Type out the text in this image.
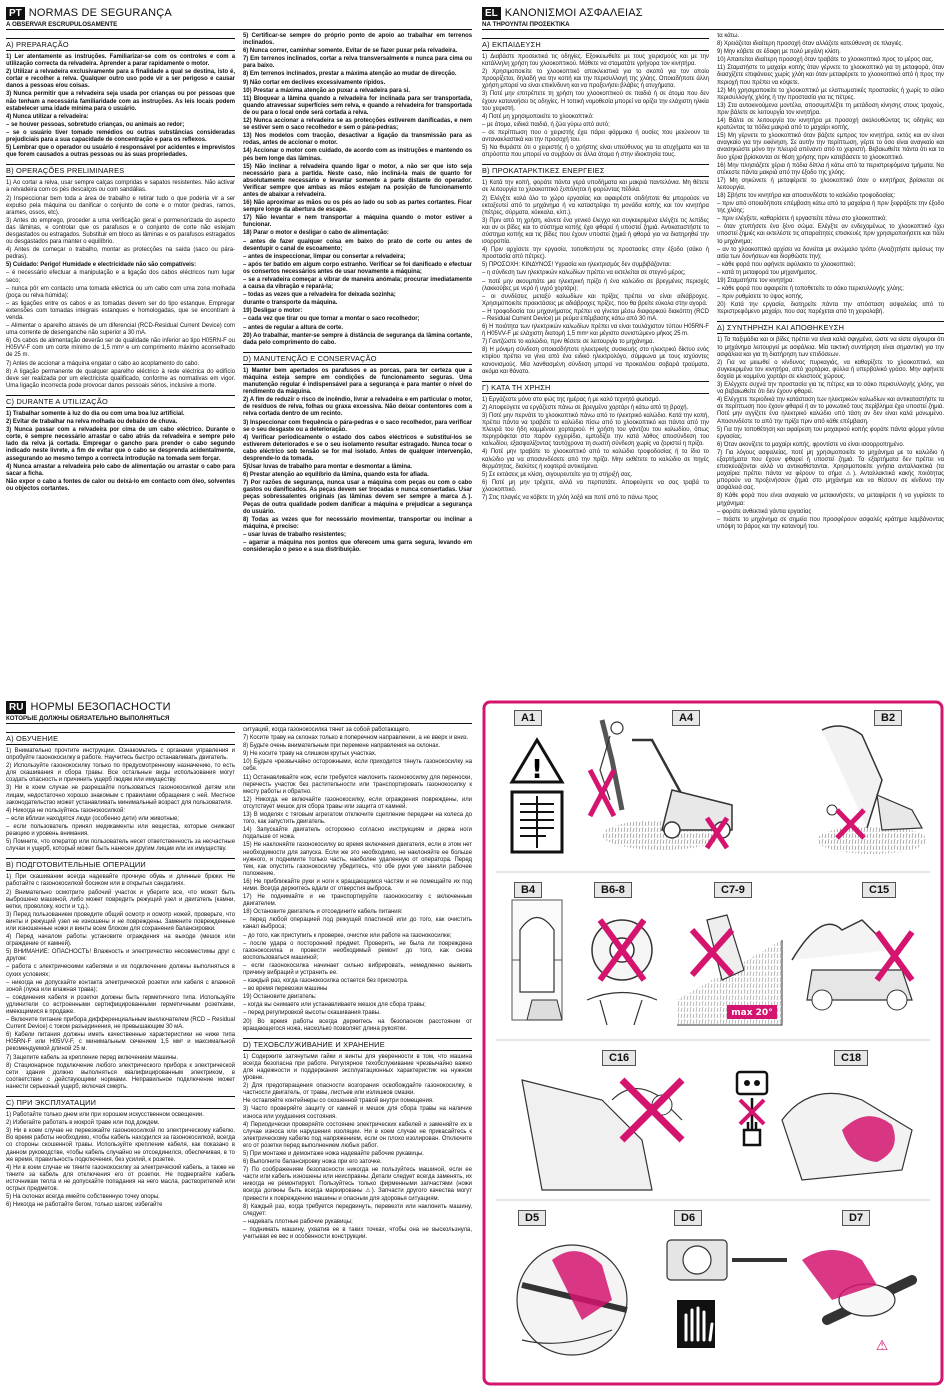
PT NORMAS DE SEGURANÇA
A OBSERVAR ESCRUPULOSAMENTE
A) PREPARAÇÃO
1) Ler atentamente as instruções. Familiarizar-se com os controles e com a utilização correcta da relvadeira. Aprender a parar rapidamente o motor.
2) Utilizar a relvadeira exclusivamente para a finalidade a qual se destina, isto é, cortar e recolher a relva. Qualquer outro uso pode vir a ser perigoso e causar danos a pessoas e/ou coisas.
3) Nunca permitir que a relvadeira seja usada por crianças ou por pessoas que não tenham a necessária familiaridade com as instruções. As leis locais podem estabelecer uma idade mínima para o usuário.
4) Nunca utilizar a relvadeira:
– se houver pessoas, sobretudo crianças, ou animais ao redor;
– se o usuário tiver tomado remédios ou outras substâncias consideradas prejudiciais para a sua capacidade de concentração e para os reflexos.
5) Lembrar que o operador ou usuário é responsável por acidentes e imprevistos que forem causados a outras pessoas ou às suas propriedades.
B) OPERAÇÕES PRELIMINARES
1) Ao cortar a relva, usar sempre calças compridas e sapatos resistentes. Não activar a relvadeira com os pés descalços ou com sandálias.
2) Inspeccionar bem toda a área de trabalho e retirar tudo o que poderia vir a ser expulso pela máquina ou danificar o conjunto de corte e o motor (pedras, ramos, arames, ossos, etc).
3) Antes do emprego, proceder a uma verificação geral e pormenorizada do aspecto das lâminas, e controlar que os parafusos e o conjunto de corte não estejam desgastados ou estragados. Substituir em bloco as lâminas e os parafusos estragados ou desgastados para manter o equilíbrio.
4) Antes de começar o trabalho, montar as protecções na saída (saco ou pára-pedras).
5) Cuidado: Perigo! Humidade e electricidade não são compatíveis:
– é necessário efectuar a manipulação e a ligação dos cabos eléctricos num lugar seco;
– nunca pôr em contacto uma tomada eléctrica ou um cabo com uma zona molhada (poça ou relva húmida);
– as ligações entre os cabos e as tomadas devem ser do tipo estanque. Empregar extensões com tomadas integrais estanques e homologadas, que se encontram à venda.
– Alimentar o aparelho através de um diferencial (RCD-Residual Current Device) com uma corrente de desenganche não superior a 30 mA.
6) Os cabos de alimentação deverão ser de qualidade não inferior ao tipo H05RN-F ou H05VV-F com um corte mínimo de 1,5 mm² e um comprimento máximo aconselhado de 25 m.
7) Antes de accionar a máquina engatar o cabo ao acoplamento do cabo.
8) A ligação permanente de qualquer aparelho eléctrico à rede eléctrica do edifício deve ser realizada por um electricista qualificado, conforme as normativas em vigor. Uma ligação incorrecta pode provocar danos pessoais sérios, inclusive a morte.
C) DURANTE A UTILIZAÇÃO
1) Trabalhar somente à luz do dia ou com uma boa luz artificial.
2) Evitar de trabalhar na relva molhada ou debaixo de chuva.
3) Nunca passar com a relvadeira por cima de um cabo eléctrico. Durante o corte, é sempre necessário arrastar o cabo atrás da relvadeira e sempre pelo lado da relva já cortada. Empregar o gancho para prender o cabo segundo indicado neste livrete, a fim de evitar que o cabo se desprenda acidentalmente, assegurando ao mesmo tempo a correcta introdução na tomada sem forçar.
4) Nunca arrastar a relvadeira pelo cabo de alimentação ou arrastar o cabo para sacar a ficha.
Não expor o cabo a fontes de calor ou deixá-lo em contacto com óleo, solventes ou objectos cortantes.
5) Certificar-se sempre do próprio ponto de apoio ao trabalhar em terrenos inclinados.
6) Nunca correr, caminhar somente. Evitar de se fazer puxar pela relvadeira.
7) Em terrenos inclinados, cortar a relva transversalmente e nunca para cima ou para baixo.
8) Em terrenos inclinados, prestar a máxima atenção ao mudar de direcção.
9) Não cortar em declives excessivamente rípidos.
10) Prestar a máxima atenção ao puxar a relvadeira para si.
11) Bloquear a lâmina quando a relvadeira for inclinada para ser transportada, quando atravessar superfícies sem relva, e quando a relvadeira for transportada de ou para o local onde será cortada a relva.
12) Nunca accionar a relvadeira se as protecções estiverem danificadas, e nem se estiver sem o saco recolhedor e sem o pára-pedras;
13) Nos modelos com tracção, desactivar a ligação da transmissão para as rodas, antes de accionar o motor.
14) Accionar o motor com cuidado, de acordo com as instruções e mantendo os pés bem longe das lâminas.
15) Não inclinar a relvadeira quando ligar o motor, a não ser que isto seja necessário para a partida. Neste caso, não incliná-la mais de quanto for absolutamente necessário e levantar somente a parte distante do operador. Verificar sempre que ambas as mãos estejam na posição de funcionamento antes de abaixar a relvadeira.
16) Não aproximar as mãos ou os pés ao lado ou sob as partes cortantes. Ficar sempre longe da abertura de escape.
17) Não levantar e nem transportar a máquina quando o motor estiver a funcionar.
18) Parar o motor e desligar o cabo de alimentação:
– antes de fazer qualquer coisa em baixo do prato de corte ou antes de desentupir o canal de escoamento;
– antes de inspeccionar, limpar ou consertar a relvadeira;
– após ter batido em algum corpo estranho. Verificar se foi danificado e efectuar os consertos necessários antes de usar novamente a máquina;
– se a relvadeira começar a vibrar de maneira anómala; procurar imediatamente a causa da vibração e repará-la;
– todas as vezes que a relvadeira for deixada sozinha;
durante o transporte da máquina.
19) Desligar o motor:
– cada vez que tirar ou que tornar a montar o saco recolhedor;
– antes de regular a altura de corte.
20) Ao trabalhar, manter-se sempre à distância de segurança da lâmina cortante, dada pelo comprimento do cabo.
D) MANUTENÇÃO E CONSERVAÇÃO
1) Manter bem apertados os parafusos e as porcas, para ter certeza que a máquina esteja sempre em condições de funcionamento seguras. Uma manutenção regular é indispensável para a segurança e para manter o nível do rendimento da máquina.
2) A fim de reduzir o risco de incêndio, livrar a relvadeira e em particular o motor, de resíduos de relva, folhas ou graxa excessiva. Não deixar contentores com a relva cortada dentro de um recinto.
3) Inspeccionar com frequência o pára-pedras e o saco recolhedor, para verificar se o seu desgaste ou a deterioração.
4) Verificar periodicamente o estado dos cabos eléctricos e substituí-los se estiverem deteriorados e se o seu isolamento resultar estragado. Nunca tocar o cabo eléctrico sob tensão se for mal isolado. Antes de qualquer intervenção, desprende-lo da tomada.
5)Usar luvas de trabalho para montar e desmontar a lâmina.
6) Prestar atenção ao equilíbrio da lâmina, quando esta for afiada.
7) Por razões de segurança, nunca usar a máquina com peças ou com o cabo gastos ou danificados. As peças devem ser trocadas e nunca consertadas. Usar peças sobressalentes originais (as lâminas devem ser sempre a marca ⚠). Peças de outra qualidade podem danificar a máquina e prejudicar a segurança do usuário.
8) Todas as vezes que for necessário movimentar, transportar ou inclinar a máquina, é preciso:
– usar luvas de trabalho resistentes;
– agarrar a máquina nos pontos que oferecem uma garra segura, levando em consideração o peso e a sua distribuição.
EL ΚΑΝΟΝΙΣΜΟΙ ΑΣΦΑΛΕΙΑΣ
ΝΑ ΤΗΡΟΥΝΤΑΙ ΠΡΟΣΕΚΤΙΚΑ
Α) ΕΚΠΑΙΔΕΥΣΗ
1) Διαβάστε προσεκτικά τις οδηγίες. Εξοικειωθείτε με τους χειρισμούς και με την κατάλληλη χρήση του χλοοκοπτικού. Μάθετε να σταματάτε γρήγορα τον κινητήρα.
2) Χρησιμοποιείτε το χλοοκοπτικό αποκλειστικά για το σκοπό για τον οποίο προορίζεται, δηλαδή για την κοπή και την περισυλλογή της χλόης. Οποιαδήποτε άλλη χρήση μπορεί να είναι επικίνδυνη και να προξενήσει βλάβες ή ατυχήματα.
3) Ποτέ μην επιτρέπετε τη χρήση του χλοοκοπτικού σε παιδιά ή σε άτομα που δεν έχουν κατανοήσει τις οδηγίες. Η τοπική νομοθεσία μπορεί να ορίζει την ελάχιστη ηλικία του χειριστή.
4) Ποτέ μη χρησιμοποιείτε το χλοοκοπτικό:
– με άτομα, ειδικά παιδιά, ή ζώα γύρω από αυτό;
– σε περίπτωση που ο χειριστής έχει πάρει φάρμακα ή ουσίες που μειώνουν τα αντανακλαστικά και την προσοχή του.
5) Να θυμάστε ότι ο χειριστής ή ο χρήστης είναι υπεύθυνος για τα ατυχήματα και τα απρόοπτα που μπορεί να συμβούν σε άλλα άτομα ή στην ιδιοκτησία τους.
Β) ΠΡΟΚΑΤΑΡΚΤΙΚΕΣ ΕΝΕΡΓΕΙΕΣ
1) Κατά την κοπή, φοράτε πάντα γερά υποδήματα και μακριά παντελόνια. Μη θέτετε σε λειτουργία το χλοοκοπτικό ξυπόλητοι ή φορώντας πέδιλα.
2) Ελέγξτε καλά όλο το χώρο εργασίας και αφαιρέστε οτιδήποτε θα μπορούσε να εκτοξευτεί από το μηχάνημα ή να καταστρέψει τη μονάδα κοπής και τον κινητήρα (πέτρες, σύρματα, κόκκαλα, κλπ.).
3) Πριν από τη χρήση, κάνετε ένα γενικό έλεγχο και συγκεκριμένα ελέγξτε τις λεπίδες και αν οι βίδες και το σύστημα κοπής έχει φθαρεί ή υποστεί ζημιά. Αντικαταστήστε το σύστημα κοπής και τις βίδες που έχουν υποστεί ζημιά ή φθορά για να διατηρηθεί την ισορροπία.
4) Πριν αρχίσετε την εργασία, τοποθετήστε τις προστασίες στην έξοδο (σάκο ή προστασία από πέτρες).
5) ΠΡΟΣΟΧΗ: ΚΙΝΔΥΝΟΣ! Υγρασία και ηλεκτρισμός δεν συμβιβάζονται:
– η σύνδεση των ηλεκτρικών καλωδίων πρέπει να εκτελείται σε στεγνό μέρος;
– ποτέ μην ακουμπάτε μια ηλεκτρική πρίζα ή ένα καλώδιο σε βρεγμένες περιοχές (λακκούβες με νερό ή υγρό χορτάρι);
– οι συνδέσεις μεταξύ καλωδίων και πρίζας πρέπει να είναι αδιάβροχες. Χρησιμοποιείτε προεκτάσεις με αδιάβροχες πρίζες, που θα βρείτε εύκολα στην αγορά.
– Η τροφοδοσία του μηχανήματος πρέπει να γίνεται μέσω διαφορικού διακόπτη (RCD – Residual Current Device) με ρεύμα επέμβασης κάτω από 30 mA.
6) Η ποιότητα των ηλεκτρικών καλωδίων πρέπει να είναι τουλάχιστον τύπου H05RN-F ή H05VV-F με ελάχιστη διατομή 1,5 mm² και μέγιστο συνιστώμενο μήκος 25 m.
7) Γαντζώστε το καλώδιο, πριν θέσετε σε λειτουργία το μηχάνημα.
8) Η μόνιμη σύνδεση οποιασδήποτε ηλεκτρικής συσκευής στο ηλεκτρικό δίκτυο ενός κτιρίου πρέπει να γίνει από ένα ειδικό ηλεκτρολόγο, σύμφωνα με τους ισχύοντες κανονισμούς. Μία λανθασμένη σύνδεση μπορεί να προκαλέσει σοβαρά τραύματα, ακόμα και θάνατο.
Γ) ΚΑΤΑ ΤΗ ΧΡΗΣΗ
1) Εργάζεστε μόνο στο φώς της ημέρας ή με καλό τεχνητό φωτισμό.
2) Αποφεύγετε να εργάζεστε πάνω σε βρεγμένο χορτάρι ή κάτω από τη βροχή.
3) Ποτέ μην περνάτε το χλοοκοπτικό πάνω από το ηλεκτρικό καλώδιο. Κατά την κοπή, πρέπει πάντα να τραβάτε το καλώδιο πίσω από το χλοοκοπτικό και πάντα από την πλευρά του ήδη κομμένου χορταριού. Η χρήση του γάντζου του καλωδίου, όπως περιγράφεται στο παρόν εγχειρίδιο, εμποδίζει την κατά λάθος αποσύνδεση του καλωδίου, εξασφαλίζοντας ταυτόχρονα τη σωστή σύνδεση χωρίς να ζοριστεί η πρίζα.
4) Ποτέ μην τραβάτε το χλοοκοπτικό από το καλώδιο τροφοδοσίας ή το ίδιο το καλώδιο για να αποσυνδέσετε από την πρίζα. Μην εκθέτετε το καλώδιο σε πηγές θερμότητας, διαλύτες ή κοφτερά αντικείμενα.
5) Σε εκτάσεις με κλίση, σιγουρευτείτε για τη στήριξή σας.
6) Ποτέ μη μην τρέχετε, αλλά να περπατάτε. Αποφεύγετε να σας τραβά το χλοοκοπτικό.
7) Στις πλαγιές να κόβετε τη χλόη λοξά και ποτέ από το πάνω προς
τα κάτω.
8) Χρειάζεται ιδιαίτερη προσοχή όταν αλλάζετε κατεύθυνση σε πλαγιές.
9) Μην κόβετε σε έδαφη με πολύ μεγάλη κλίση.
10) Απαιτείται ιδιαίτερη προσοχή όταν τραβάτε το χλοοκοπτικό προς το μέρος σας.
11) Σταματήστε το μαχαίρι κοπής όταν γέρνετε το χλοοκοπτικό για τη μεταφορά, όταν διασχίζετε επιφάνειες χωρίς χλόη και όταν μεταφέρετε το χλοοκοπτικό από ή προς την περιοχή που πρέπει να κόψετε.
12) Μη χρησιμοποιείτε το χλοοκοπτικό με ελαττωματικές προστασίες ή χωρίς το σάκο περισυλλογής χλόης ή την προστασία για τις πέτρες.
13) Στα αυτοκινούμενα μοντέλα, αποσυμπλέξτε τη μετάδοση κίνησης στους τροχούς, πριν βάλετε σε λειτουργία τον κινητήρα.
14) Βάλτε σε λειτουργία τον κινητήρα με προσοχή ακολουθώντας τις οδηγίες και κρατώντας τα πόδια μακριά από το μαχαίρι κοπής.
15) Μη γέρνετε το χλοοκοπτικό όταν βάζετε εμπρος τον κινητήρα, εκτός και αν είναι αναγκαίο για την εκκίνηση. Σε αυτήν την περίπτωση, γέρτε το όσο είναι αναγκαίο και ανασηκώστε μόνο την πλευρά απέναντι από το χειριστή. Βεβαιωθείτε πάντα ότι και τα δυο χέρια βρίσκονται σε θέση χρήσης πριν κατεβάσετε το χλοοκοπτικό.
16) Μην πλησιάζετε χέρια ή πόδια δίπλα ή κάτω από τα περιστρεφόμενα τμήματα. Να στέκεστε πάντα μακριά από την έξοδο της χλόης.
17) Μη σηκώνετε ή μεταφέρετε το χλοοκοπτικό όταν ο κινητήρας βρίσκεται σε λειτουργία.
18) Σβήστε τον κινητήρα και αποσυνδέστε το καλώδιο τροφοδοσίας:
– πριν από οποιαδήποτε επέμβαση κάτω από τα μαχαίρια ή πριν ξεφράξετε την έξοδο της χλόης;
– πριν ελέγξετε, καθαρίσετε ή εργαστείτε πάνω στο χλοοκοπτικό;
– όταν χτυπήσετε ένα ξένο σώμα. Ελέγξτε αν ενδεχομένως το χλοοκοπτικό έχει υποστεί ζημιές και εκτελέστε τις απαραίτητες επισκευές πριν χρησιμοποιήσετε και πάλι το μηχάνημα;
– αν το χλοοκοπτικό αρχίσει να δονείται με ανώμαλο τρόπο (Αναζητήστε αμέσως την αιτία των δονήσεων και διορθώστε την);
– κάθε φορά που αφήνετε αφύλακτο το χλοοκοπτικό;
– κατά τη μεταφορά του μηχανήματος.
19) Σταματήστε τον κινητήρα:
– κάθε φορά που αφαιρείτε ή τοποθετείτε το σάκο περισυλλογής χλόης;
– πριν ρυθμίσετε το ύψος κοπής.
20) Κατά την εργασία, διατηρείτε πάντα την απόσταση ασφαλείας από το περιστρεφόμενο μαχαίρι, που σας παρέχεται από τη χειρολαβή.
Δ) ΣΥΝΤΗΡΗΣΗ ΚΑΙ ΑΠΟΘΗΚΕΥΣΗ
1) Τα παξιμάδια και οι βίδες πρέπει να είναι καλά σφιγμένα, ώστε να είστε σίγουροι ότι το μηχάνημα λειτουργεί με ασφάλεια. Μία τακτική συντήρηση είναι σημαντική για την ασφάλεια και για τη διατήρηση των επιδόσεων.
2) Για να μειωθεί ο κίνδυνος πυρκαγιάς, να καθαρίζετε το χλοοκοπτικό, και συγκεκριμένα τον κινητήρα, από χορτάρια, φύλλα ή υπερβολικό γράσο. Μην αφήνετε δοχεία με κομμένο χορτάρι σε κλειστούς χώρους.
3) Ελέγχετε συχνά την προστασία για τις πέτρες και το σάκο περισυλλογής χλόης, για να βεβαιωθείτε ότι δεν έχουν φθαρεί.
4) Ελέγχετε περιοδικά την κατάσταση των ηλεκτρικών καλωδίων και αντικαταστήστε τα σε περίπτωση που έχουν φθαρεί ή αν το μονωτικό τους περίβλημα έχει υποστεί ζημιά. Ποτέ μην αγγίζετε ένα ηλεκτρικό καλώδιο υπό τάση αν δεν είναι καλά μονωμένο. Αποσυνδέστε το από την πρίζα πριν από κάθε επέμβαση.
5) Για την τοποθέτηση και αφαίρεση του μαχαιριού κοπής φοράτε πάντα φόρμα γάντια εργασίας.
6) Όταν ακονίζετε το μαχαίρι κοπής, φροντίστε να είναι ισοορροπημένο.
7) Για λόγους ασφαλείας, ποτέ μη χρησιμοποιείτε το μηχάνημα με το καλώδιο ή εξαρτήματα που έχουν φθαρεί ή υποστεί ζημιά. Τα εξαρτήματα δεν πρέπει να επισκευάζονται αλλά να αντικαθίστανται. Χρησιμοποιείτε γνήσια ανταλλακτικά (τα μαχαίρια πρέπει πάντα να φέρουν το σήμα ⚠). Ανταλλακτικά κακής ποιότητας μπορούν να προξενήσουν ζημιά στο μηχάνημα και να θέσουν σε κίνδυνο την ασφάλειά σας.
8) Κάθε φορά που είναι αναγκαίο να μετακινήσετε, να μεταφέρετε ή να γυρίσετε το μηχάνημα:
– φοράτε ανθεκτικά γάντια εργασίας
– πιάστε το μηχάνημα σε σημεία που προσφέρουν ασφαλές κράτημα λαμβάνοντας υπόψη το βάρος και την κατανομή του.
RU НОРМЫ БЕЗОПАСНОСТИ
КОТОРЫЕ ДОЛЖНЫ ОБЯЗАТЕЛЬНО ВЫПОЛНЯТЬСЯ
A) ОБУЧЕНИЕ
1) Внимательно прочтите инструкции. Ознакомьтесь с органами управления и опробуйте газонокосилку в работе. Научитесь быстро останавливать двигатель.
2) Используйте газонокосилку только по предусмотренному назначению, то есть для скашивания и сбора травы. Все остальные виды использования могут создать опасность и причинить ущерб людям или имуществу.
3) Ни в коем случае не разрешайте пользоваться газонокосилкой детям или лицам, недостаточно хорошо знакомым с правилами обращения с ней. Местное законодательство может устанавливать минимальный возраст для пользователя.
4) Никогда не пользуйтесь газонокосилкой:
– если вблизи находятся люди (особенно дети) или животные;
– если пользователь принял медикаменты или вещества, которые снижают реакцию и уровень внимания.
5) Помните, что оператор или пользователь несет ответственность за несчастные случаи и ущерб, который может быть нанесен другим лицам или их имуществу.
B) ПОДГОТОВИТЕЛЬНЫЕ ОПЕРАЦИИ
1) При скашивании всегда надевайте прочную обувь и длинные брюки. Не работайте с газонокосилкой босиком или в открытых сандалиях.
2) Внимательно осмотрите рабочий участок и уберите все, что может быть выброшено машиной, либо может повредить режущий узел и двигатель (камни, ветки, проволоку, кости и т.д.).
3) Перед пользованием проведите общий осмотр и осмотр ножей, проверьте, что винты и режущий узел не изношены и не повреждены. Замените поврежденные или изношенные ножи и винты всем блоком для сохранения балансировки.
4) Перед началом работы установите ограждения на выходе (мешок или ограждение от камней).
5) ВНИМАНИЕ: ОПАСНОСТЬ! Влажность и электричество несовместимы друг с другом:
– работа с электрическими кабелями и их подключение должны выполняться в сухих условиях;
– никогда не допускайте контакта электрической розетки или кабеля с влажной зоной (лужа или влажная трава);
– соединения кабеля и розетки должны быть герметичного типа. Используйте удлинители со встроенными сертифицированными герметичными розетками, имеющимися в продаже.
– Включите питание прибора дифференциальным выключателем (RCD – Residual Current Device) с током разъединения, не превышающим 30 мА.
6) Кабели питания должны иметь качественные характеристики не ниже типа H05RN-F или H05VV-F, с минимальным сечением 1,5 мм² и максимальной рекомендуемой длиной 25 м.
7) Зацепите кабель за крепление перед включением машины.
8) Стационарное подключение любого электрического прибора к электрической сети здания должно выполняться квалифицированным электриком, в соответствии с действующими нормами. Неправильное подключение может нанести серьезный ущерб, включая смерть.
C) ПРИ ЭКСПЛУАТАЦИИ
1) Работайте только днем или при хорошем искусственном освещении.
2) Избегайте работать в мокрой траве или под дождем.
3) Ни в коем случае не переезжайте газонокосилкой по электрическому кабелю. Во время работы необходимо, чтобы кабель находился за газонокосилкой, всегда со стороны скошенной травы. Используйте крепление кабеля, как показано в данном руководстве, чтобы кабель случайно не отсоединился, обеспечивая, в то же время, правильность подключения, без усилий, к розетке.
4) Ни в коем случае не тяните газонокосилку за электрический кабель, а также не тяните за кабель для отключения его от розетки. Не подвергайте кабель источникам тепла и не допускайте попадания на него масла, растворителей или острых предметов.
5) На склонах всегда имейте собственную точку опоры.
6) Никогда не работайте бегом, только шагом; избегайте
ситуаций, когда газонокосилка тянет за собой работающего.
7) Косите траву на склонах только в поперечном направлении, а не вверх и вниз.
8) Будьте очень внимательным при перемене направления на склонах.
9) Не косите траву на слишком крутых участках.
10) Будьте чрезвычайно осторожными, если приходится тянуть газонокосилку на себя.
11) Останавливайте нож, если требуется наклонить газонокосилку для переноски, перечесть участок без растительности или транспортировать газонокосилку к месту работы и обратно.
12) Никогда не включайте газонокосилку, если ограждения повреждены, или отсутствует мешок для сбора травы или защита от камней.
13) В моделях с тяговым агрегатом отключите сцепление передачи на колеса до того, как запустить двигатель.
14) Запускайте двигатель осторожно согласно инструкциям и держа ноги подальше от ножа.
15) Не наклоняйте газонокосилку во время включения двигателя, если в этом нет необходимости для запуска. Если же это необходимо, не наклоняйте ее больше нужного, и поднимите только часть, наиболее удаленную от оператора. Перед тем, как опустить газонокосилку убедитесь, что обе руки уже заняли рабочее положение.
16) Не приближайте руки и ноги к вращающимся частям и не помещайте их под ними. Всегда держитесь вдали от отверстия выброса.
17) Не поднимайте и не транспортируйте газонокосилку с включенным двигателем.
18) Остановите двигатель и отсоедините кабель питания:
– перед любой операцией под режущей пластиной или до того, как очистить канал выброса;
– до того, как приступить к проверке, очистке или работе на газонокосилке;
– после удара о посторонний предмет. Проверить, не была ли повреждена газонокосилка и провести необходимый ремонт до того, как снова воспользоваться машиной;
– если газонокосилка начинает сильно вибрировать, немедленно выявить причину вибраций и устранить ее.
– каждый раз, когда газонокосилка остается без присмотра.
– во время перевозки машины
19) Остановите двигатель:
– когда вы снимаете или устанавливаете мешок для сбора травы;
– перед регулировкой высоты скашивания травы.
20) Во время работы всегда держитесь на безопасном расстоянии от вращающегося ножа, насколько позволяет длина рукоятки.
D) ТЕХОБСЛУЖИВАНИЕ И ХРАНЕНИЕ
1) Содержите затянутыми гайки и винты для уверенности в том, что машина всегда безопасна при работе. Регулярное техобслуживание чрезвычайно важно для надежности и поддержания эксплуатационных характеристик на нужном уровне.
2) Для предотвращения опасности возгорания освобождайте газонокосилку, в частности двигатель, от травы, листьев или излишков смазки.
Не оставляйте контейнеры со скошенной травой внутри помещения.
3) Часто проверяйте защиту от камней и мешок для сбора травы на наличие износа или ухудшения состояния.
4) Периодически проверяйте состояние электрических кабелей и заменяйте их в случае износа или нарушения изоляции. Ни в коем случае не прикасайтесь к электрическому кабелю под напряжением, если он плохо изолирован. Отключите его от розетки перед выполнением любых работ.
5) При монтаже и демонтаже ножа надевайте рабочие рукавицы.
6) Выполните балансировку ножа при его заточке.
7) По соображениям безопасности никогда не пользуйтесь машиной, если ее части или кабель изношены или неисправны. Детали следует всегда заменять, их никогда не ремонтируют. Пользуйтесь только фирменными запчастями (ножи всегда должны быть всегда маркированы ⚠). Запчасти другого качества могут привести к повреждению машины и опасным для здоровья ситуациям.
8) Каждый раз, когда требуется передвинуть, перевезти или наклонить машину, следует:
– надевать плотные рабочие рукавицы;
– поднимать машину, ухватив ее в таких точках, чтобы она не выскользнула, учитывая ее вес и особенности конструкции.
!
max 20°
⚠
A1	A4	B2
B4	B6-8	C7-9	C15
C16	C18
D5	D6	D7
